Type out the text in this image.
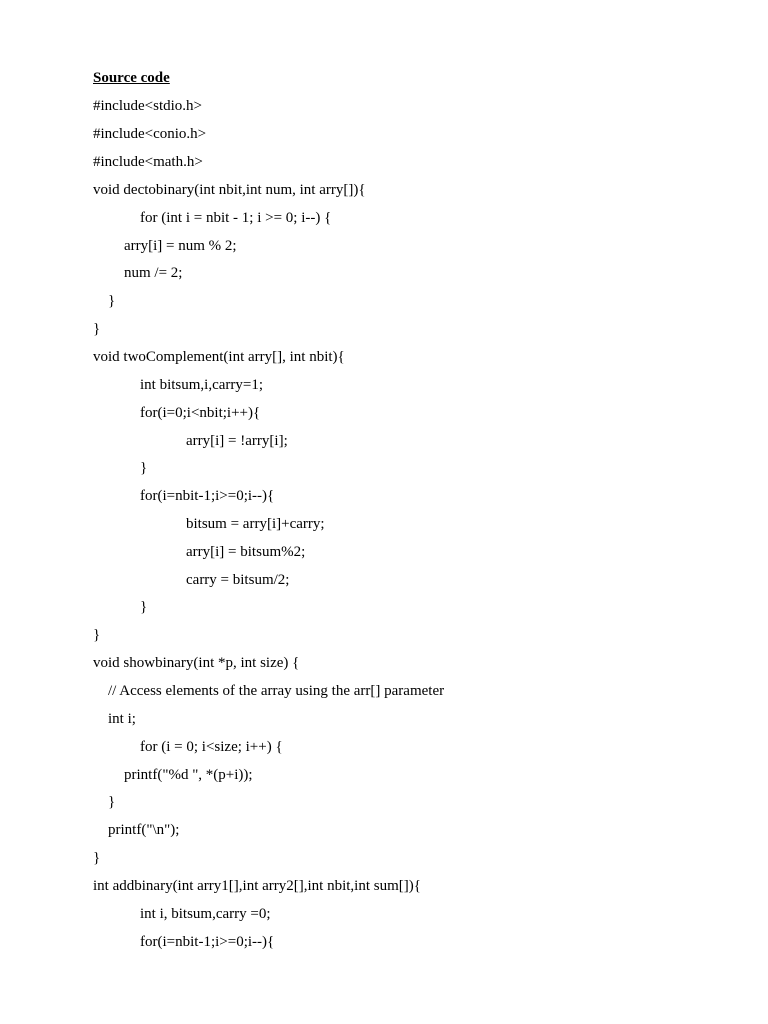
Source code
#include<stdio.h>
#include<conio.h>
#include<math.h>
void dectobinary(int nbit,int num, int arry[]){
for (int i = nbit - 1; i >= 0; i--) {
arry[i] = num % 2;
num /= 2;
}
}
void twoComplement(int arry[], int nbit){
int bitsum,i,carry=1;
for(i=0;i<nbit;i++){
arry[i] = !arry[i];
}
for(i=nbit-1;i>=0;i--){
bitsum = arry[i]+carry;
arry[i] = bitsum%2;
carry = bitsum/2;
}
}
void showbinary(int *p, int size) {
// Access elements of the array using the arr[] parameter
int i;
for (i = 0; i<size; i++) {
printf("%d ", *(p+i));
}
printf("\n");
}
int addbinary(int arry1[],int arry2[],int nbit,int sum[]){
int i, bitsum,carry =0;
for(i=nbit-1;i>=0;i--){
